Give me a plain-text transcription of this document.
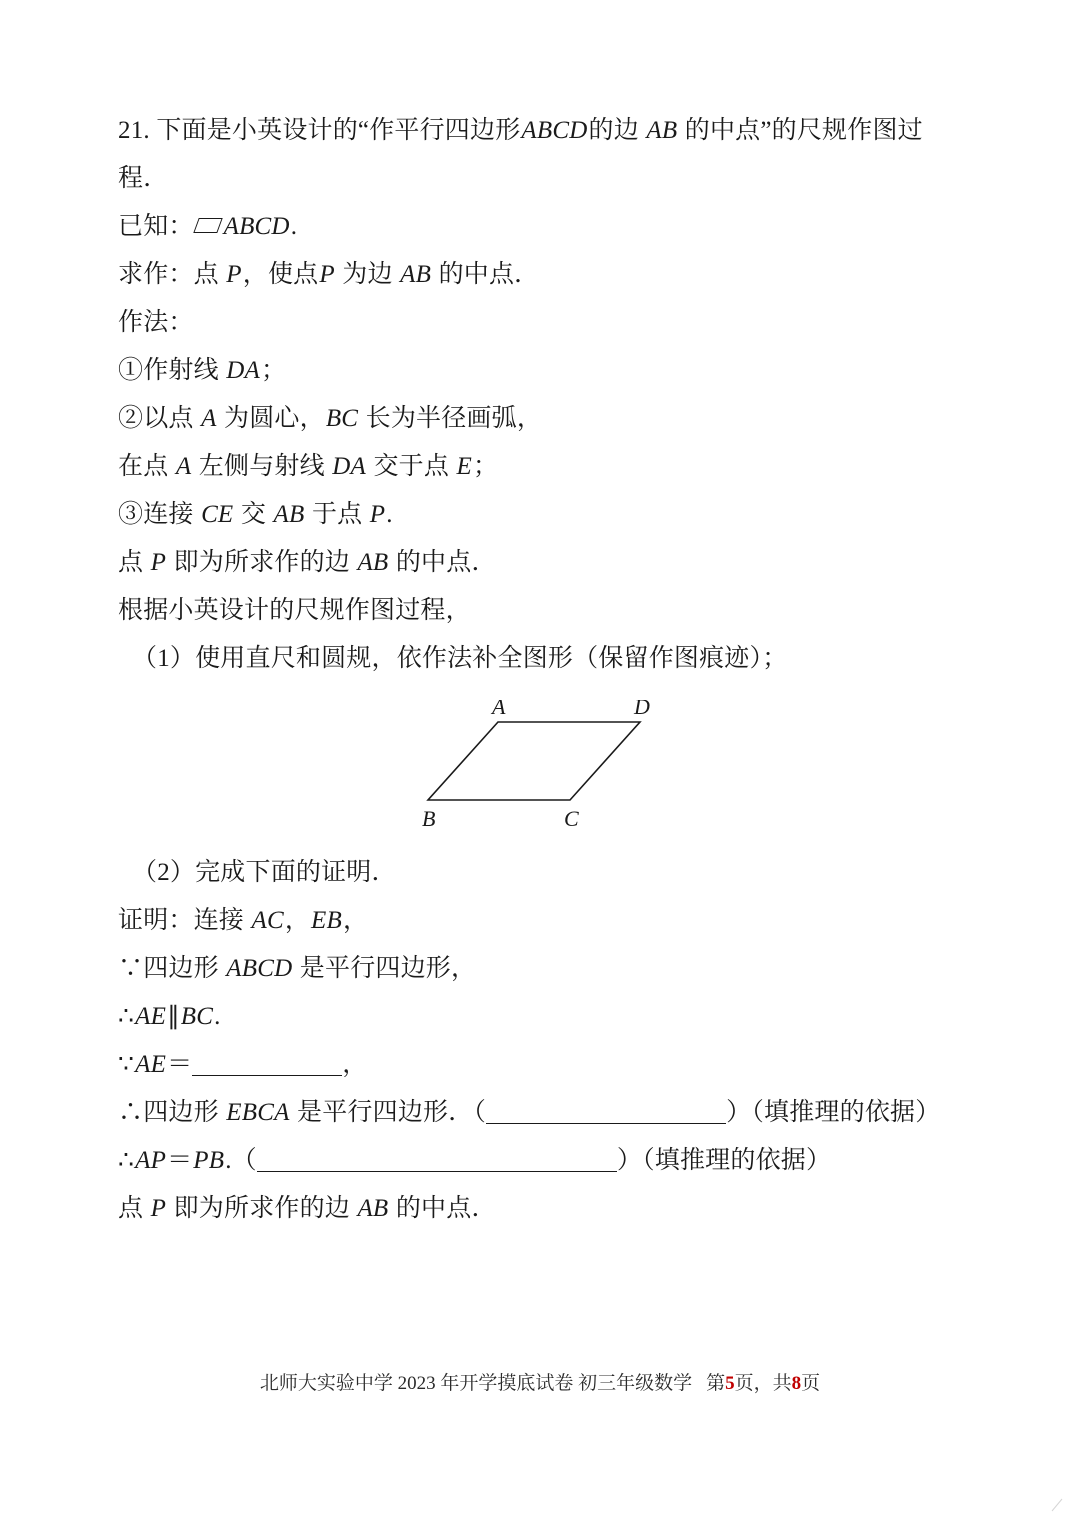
21. 下面是小英设计的“作平行四边形ABCD的边 AB 的中点”的尺规作图过

程．

已知： ABCD.

求作：点 P，使点P 为边 AB 的中点．

作法：

①作射线 DA；

②以点 A 为圆心，BC 长为半径画弧，

在点 A 左侧与射线 DA 交于点 E；

③连接 CE 交 AB 于点 P.

点 P 即为所求作的边 AB 的中点．

根据小英设计的尺规作图过程，

（1）使用直尺和圆规，依作法补全图形（保留作图痕迹）；

A	D
B	C

（2）完成下面的证明．

证明：连接 AC，EB，

∵四边形 ABCD 是平行四边形，

∴AE∥BC.

∵AE＝	，

∴四边形 EBCA 是平行四边形．（	）（填推理的依据）

∴AP＝PB.（	）（填推理的依据）

点 P 即为所求作的边 AB 的中点．

北师大实验中学 2023 年开学摸底试卷 初三年级数学 第5页，共8页
